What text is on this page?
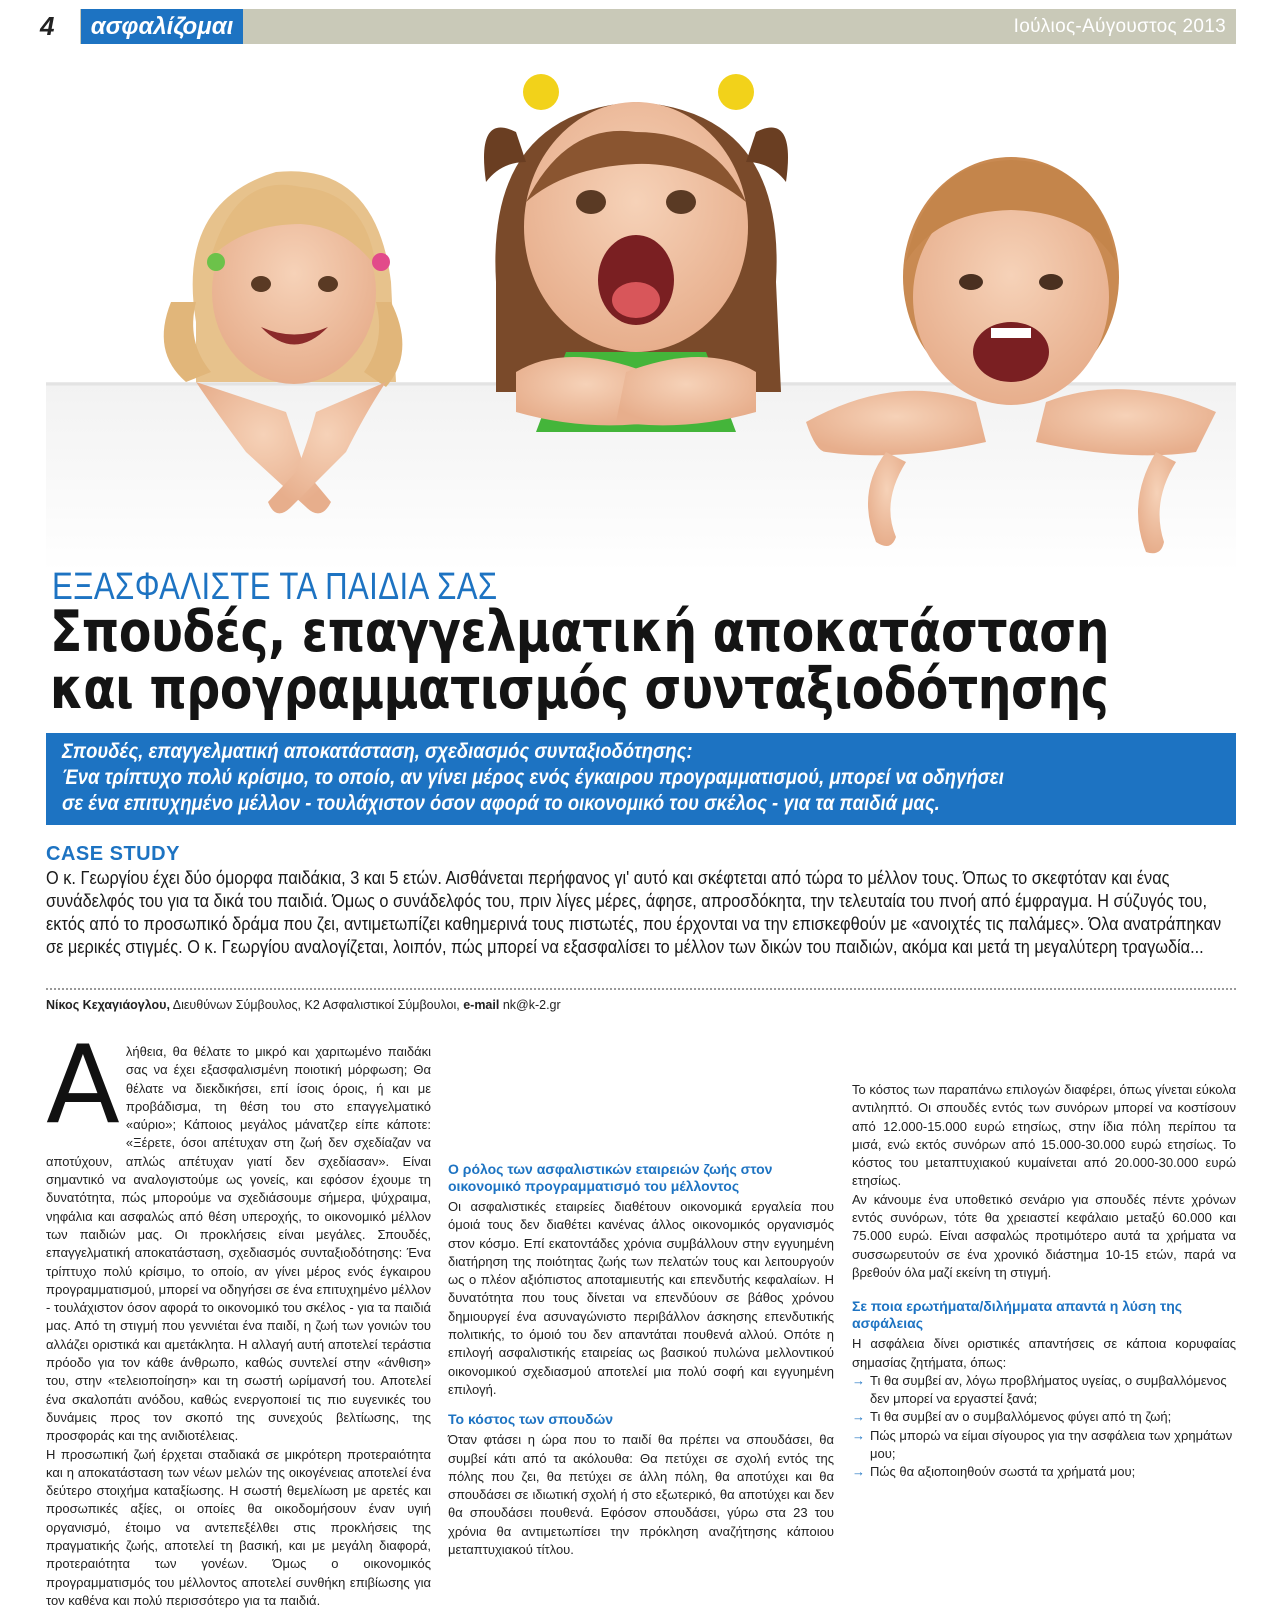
4	ασφαλίζομαι	Ιούλιος-Αύγουστος 2013
ΕΞΑΣΦΑΛΙΣΤΕ ΤΑ ΠΑΙΔΙΑ ΣΑΣ
Σπουδές, επαγγελματική αποκατάσταση
και προγραμματισμός συνταξιοδότησης
Σπουδές, επαγγελματική αποκατάσταση, σχεδιασμός συνταξιοδότησης:
Ένα τρίπτυχο πολύ κρίσιμο, το οποίο, αν γίνει μέρος ενός έγκαιρου προγραμματισμού, μπορεί να οδηγήσει
σε ένα επιτυχημένο μέλλον - τουλάχιστον όσον αφορά το οικονομικό του σκέλος - για τα παιδιά μας.
CASE STUDY
Ο κ. Γεωργίου έχει δύο όμορφα παιδάκια, 3 και 5 ετών. Αισθάνεται περήφανος γι' αυτό και σκέφτεται από τώρα το μέλλον τους. Όπως το σκεφτόταν και ένας συνάδελφός του για τα δικά του παιδιά. Όμως ο συνάδελφός του, πριν λίγες μέρες, άφησε, απροσδόκητα, την τελευταία του πνοή από έμφραγμα. Η σύζυγός του, εκτός από το προσωπικό δράμα που ζει, αντιμετωπίζει καθημερινά τους πιστωτές, που έρχονται να την επισκεφθούν με «ανοιχτές τις παλάμες». Όλα ανατράπηκαν σε μερικές στιγμές. Ο κ. Γεωργίου αναλογίζεται, λοιπόν, πώς μπορεί να εξασφαλίσει το μέλλον των δικών του παιδιών, ακόμα και μετά τη μεγαλύτερη τραγωδία...
Νίκος Κεχαγιάογλου, Διευθύνων Σύμβουλος, Κ2 Ασφαλιστικοί Σύμβουλοι, e-mail nk@k-2.gr
Α λήθεια, θα θέλατε το μικρό και χαριτωμένο παιδάκι σας να έχει εξασφαλισμένη ποιοτική μόρφωση; Θα θέλατε να διεκδικήσει, επί ίσοις όροις, ή και με προβάδισμα, τη θέση του στο επαγγελματικό «αύριο»; Κάποιος μεγάλος μάνατζερ είπε κάποτε: «Ξέρετε, όσοι απέτυχαν στη ζωή δεν σχεδίαζαν να αποτύχουν, απλώς απέτυχαν γιατί δεν σχεδίασαν». Είναι σημαντικό να αναλογιστούμε ως γονείς, και εφόσον έχουμε τη δυνατότητα, πώς μπορούμε να σχεδιάσουμε σήμερα, ψύχραιμα, νηφάλια και ασφαλώς από θέση υπεροχής, το οικονομικό μέλλον των παιδιών μας. Οι προκλήσεις είναι μεγάλες. Σπουδές, επαγγελματική αποκατάσταση, σχεδιασμός συνταξιοδότησης: Ένα τρίπτυχο πολύ κρίσιμο, το οποίο, αν γίνει μέρος ενός έγκαιρου προγραμματισμού, μπορεί να οδηγήσει σε ένα επιτυχημένο μέλλον - τουλάχιστον όσον αφορά το οικονομικό του σκέλος - για τα παιδιά μας. Από τη στιγμή που γεννιέται ένα παιδί, η ζωή των γονιών του αλλάζει οριστικά και αμετάκλητα. Η αλλαγή αυτή αποτελεί τεράστια πρόοδο για τον κάθε άνθρωπο, καθώς συντελεί στην «άνθιση» του, στην «τελειοποίηση» και τη σωστή ωρίμανσή του. Αποτελεί ένα σκαλοπάτι ανόδου, καθώς ενεργοποιεί τις πιο ευγενικές του δυνάμεις προς τον σκοπό της συνεχούς βελτίωσης, της προσφοράς και της ανιδιοτέλειας.

Η προσωπική ζωή έρχεται σταδιακά σε μικρότερη προτεραιότητα και η αποκατάσταση των νέων μελών της οικογένειας αποτελεί ένα δεύτερο στοιχήμα καταξίωσης. Η σωστή θεμελίωση με αρετές και προσωπικές αξίες, οι οποίες θα οικοδομήσουν έναν υγιή οργανισμό, έτοιμο να αντεπεξέλθει στις προκλήσεις της πραγματικής ζωής, αποτελεί τη βασική, και με μεγάλη διαφορά, προτεραιότητα των γονέων. Όμως ο οικονομικός προγραμματισμός του μέλλοντος αποτελεί συνθήκη επιβίωσης για τον καθένα και πολύ περισσότερο για τα παιδιά.

Ο ρόλος των ασφαλιστικών εταιρειών ζωής στον οικονομικό προγραμματισμό του μέλλοντος

Οι ασφαλιστικές εταιρείες διαθέτουν οικονομικά εργαλεία που όμοιά τους δεν διαθέτει κανένας άλλος οικονομικός οργανισμός στον κόσμο. Επί εκατοντάδες χρόνια συμβάλλουν στην εγγυημένη διατήρηση της ποιότητας ζωής των πελατών τους και λειτουργούν ως ο πλέον αξιόπιστος αποταμιευτής και επενδυτής κεφαλαίων. Η δυνατότητα που τους δίνεται να επενδύουν σε βάθος χρόνου δημιουργεί ένα ασυναγώνιστο περιβάλλον άσκησης επενδυτικής πολιτικής, το όμοιό του δεν απαντάται πουθενά αλλού. Οπότε η επιλογή ασφαλιστικής εταιρείας ως βασικού πυλώνα μελλοντικού οικονομικού σχεδιασμού αποτελεί μια πολύ σοφή και εγγυημένη επιλογή.

Το κόστος των σπουδών

Όταν φτάσει η ώρα που το παιδί θα πρέπει να σπουδάσει, θα συμβεί κάτι από τα ακόλουθα: Θα πετύχει σε σχολή εντός της πόλης που ζει, θα πετύχει σε άλλη πόλη, θα αποτύχει και θα σπουδάσει σε ιδιωτική σχολή ή στο εξωτερικό, θα αποτύχει και δεν θα σπουδάσει πουθενά. Εφόσον σπουδάσει, γύρω στα 23 του χρόνια θα αντιμετωπίσει την πρόκληση αναζήτησης κάποιου μεταπτυχιακού τίτλου.

Το κόστος των παραπάνω επιλογών διαφέρει, όπως γίνεται εύκολα αντιληπτό. Οι σπουδές εντός των συνόρων μπορεί να κοστίσουν από 12.000-15.000 ευρώ ετησίως, στην ίδια πόλη περίπου τα μισά, ενώ εκτός συνόρων από 15.000-30.000 ευρώ ετησίως. Το κόστος του μεταπτυχιακού κυμαίνεται από 20.000-30.000 ευρώ ετησίως.

Αν κάνουμε ένα υποθετικό σενάριο για σπουδές πέντε χρόνων εντός συνόρων, τότε θα χρειαστεί κεφάλαιο μεταξύ 60.000 και 75.000 ευρώ. Είναι ασφαλώς προτιμότερο αυτά τα χρήματα να συσσωρευτούν σε ένα χρονικό διάστημα 10-15 ετών, παρά να βρεθούν όλα μαζί εκείνη τη στιγμή.

Σε ποια ερωτήματα/διλήμματα απαντά η λύση της ασφάλειας

Η ασφάλεια δίνει οριστικές απαντήσεις σε κάποια κορυφαίας σημασίας ζητήματα, όπως:

→ Τι θα συμβεί αν, λόγω προβλήματος υγείας, ο συμβαλλόμενος δεν μπορεί να εργαστεί ξανά;
→ Τι θα συμβεί αν ο συμβαλλόμενος φύγει από τη ζωή;
→ Πώς μπορώ να είμαι σίγουρος για την ασφάλεια των χρημάτων μου;
→ Πώς θα αξιοποιηθούν σωστά τα χρήματά μου;
